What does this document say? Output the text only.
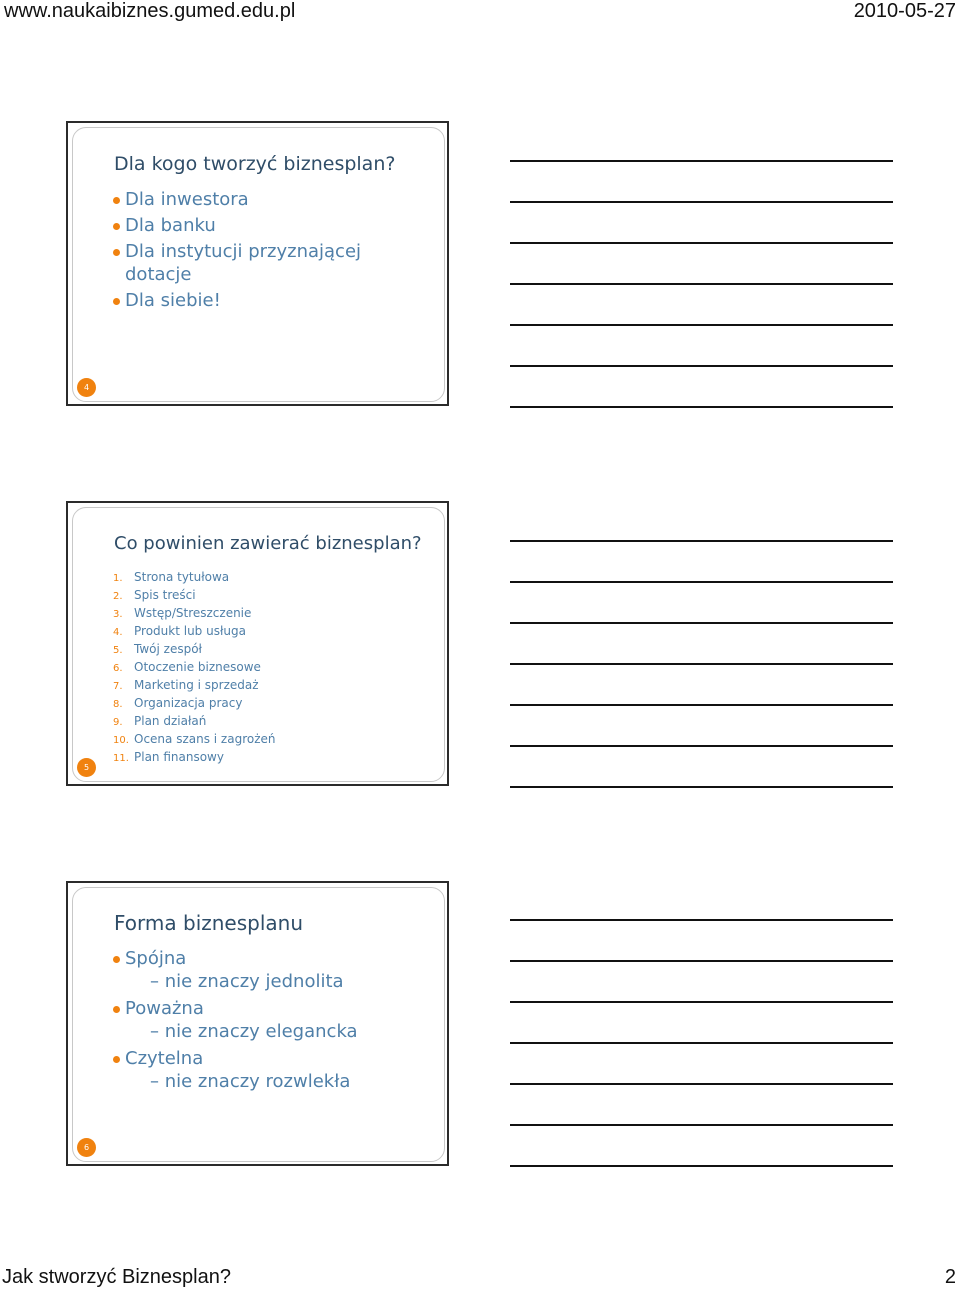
www.naukaibiznes.gumed.edu.pl	2010-05-27
Dla kogo tworzyć biznesplan?
Dla inwestora
Dla banku
Dla instytucji przyznającej
dotacje
Dla siebie!
4
Co powinien zawierać biznesplan?
1. Strona tytułowa
2. Spis treści
3. Wstęp/Streszczenie
4. Produkt lub usługa
5. Twój zespół
6. Otoczenie biznesowe
7. Marketing i sprzedaż
8. Organizacja pracy
9. Plan działań
10. Ocena szans i zagrożeń
11. Plan finansowy
5
Forma biznesplanu
Spójna
– nie znaczy jednolita
Poważna
– nie znaczy elegancka
Czytelna
– nie znaczy rozwlekła
6
Jak stworzyć Biznesplan?	2
